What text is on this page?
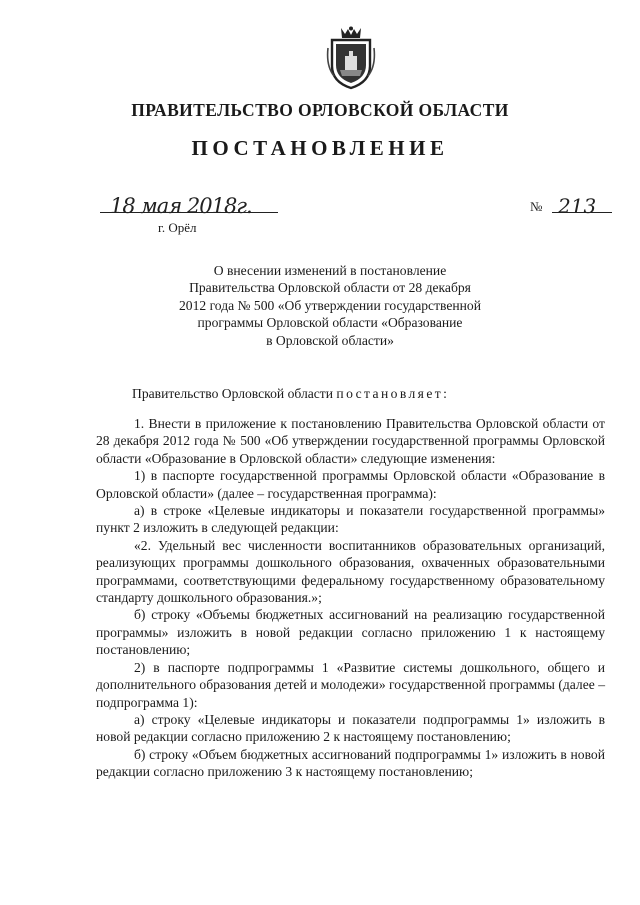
ПРАВИТЕЛЬСТВО ОРЛОВСКОЙ ОБЛАСТИ
ПОСТАНОВЛЕНИЕ
18 мая 2018г.
г. Орёл
№ 213
О внесении изменений в постановление
Правительства Орловской области от 28 декабря
2012 года № 500 «Об утверждении государственной
программы Орловской области «Образование
в Орловской области»
Правительство Орловской области постановляет:
1. Внести в приложение к постановлению Правительства Орловской области от 28 декабря 2012 года № 500 «Об утверждении государственной программы Орловской области «Образование в Орловской области» следующие изменения:
1) в паспорте государственной программы Орловской области «Образование в Орловской области» (далее – государственная программа):
а) в строке «Целевые индикаторы и показатели государственной программы» пункт 2 изложить в следующей редакции:
«2. Удельный вес численности воспитанников образовательных организаций, реализующих программы дошкольного образования, охваченных образовательными программами, соответствующими федеральному государственному образовательному стандарту дошкольного образования.»;
б) строку «Объемы бюджетных ассигнований на реализацию государственной программы» изложить в новой редакции согласно приложению 1 к настоящему постановлению;
2) в паспорте подпрограммы 1 «Развитие системы дошкольного, общего и дополнительного образования детей и молодежи» государственной программы (далее – подпрограмма 1):
а) строку «Целевые индикаторы и показатели подпрограммы 1» изложить в новой редакции согласно приложению 2 к настоящему постановлению;
б) строку «Объем бюджетных ассигнований подпрограммы 1» изложить в новой редакции согласно приложению 3 к настоящему постановлению;
